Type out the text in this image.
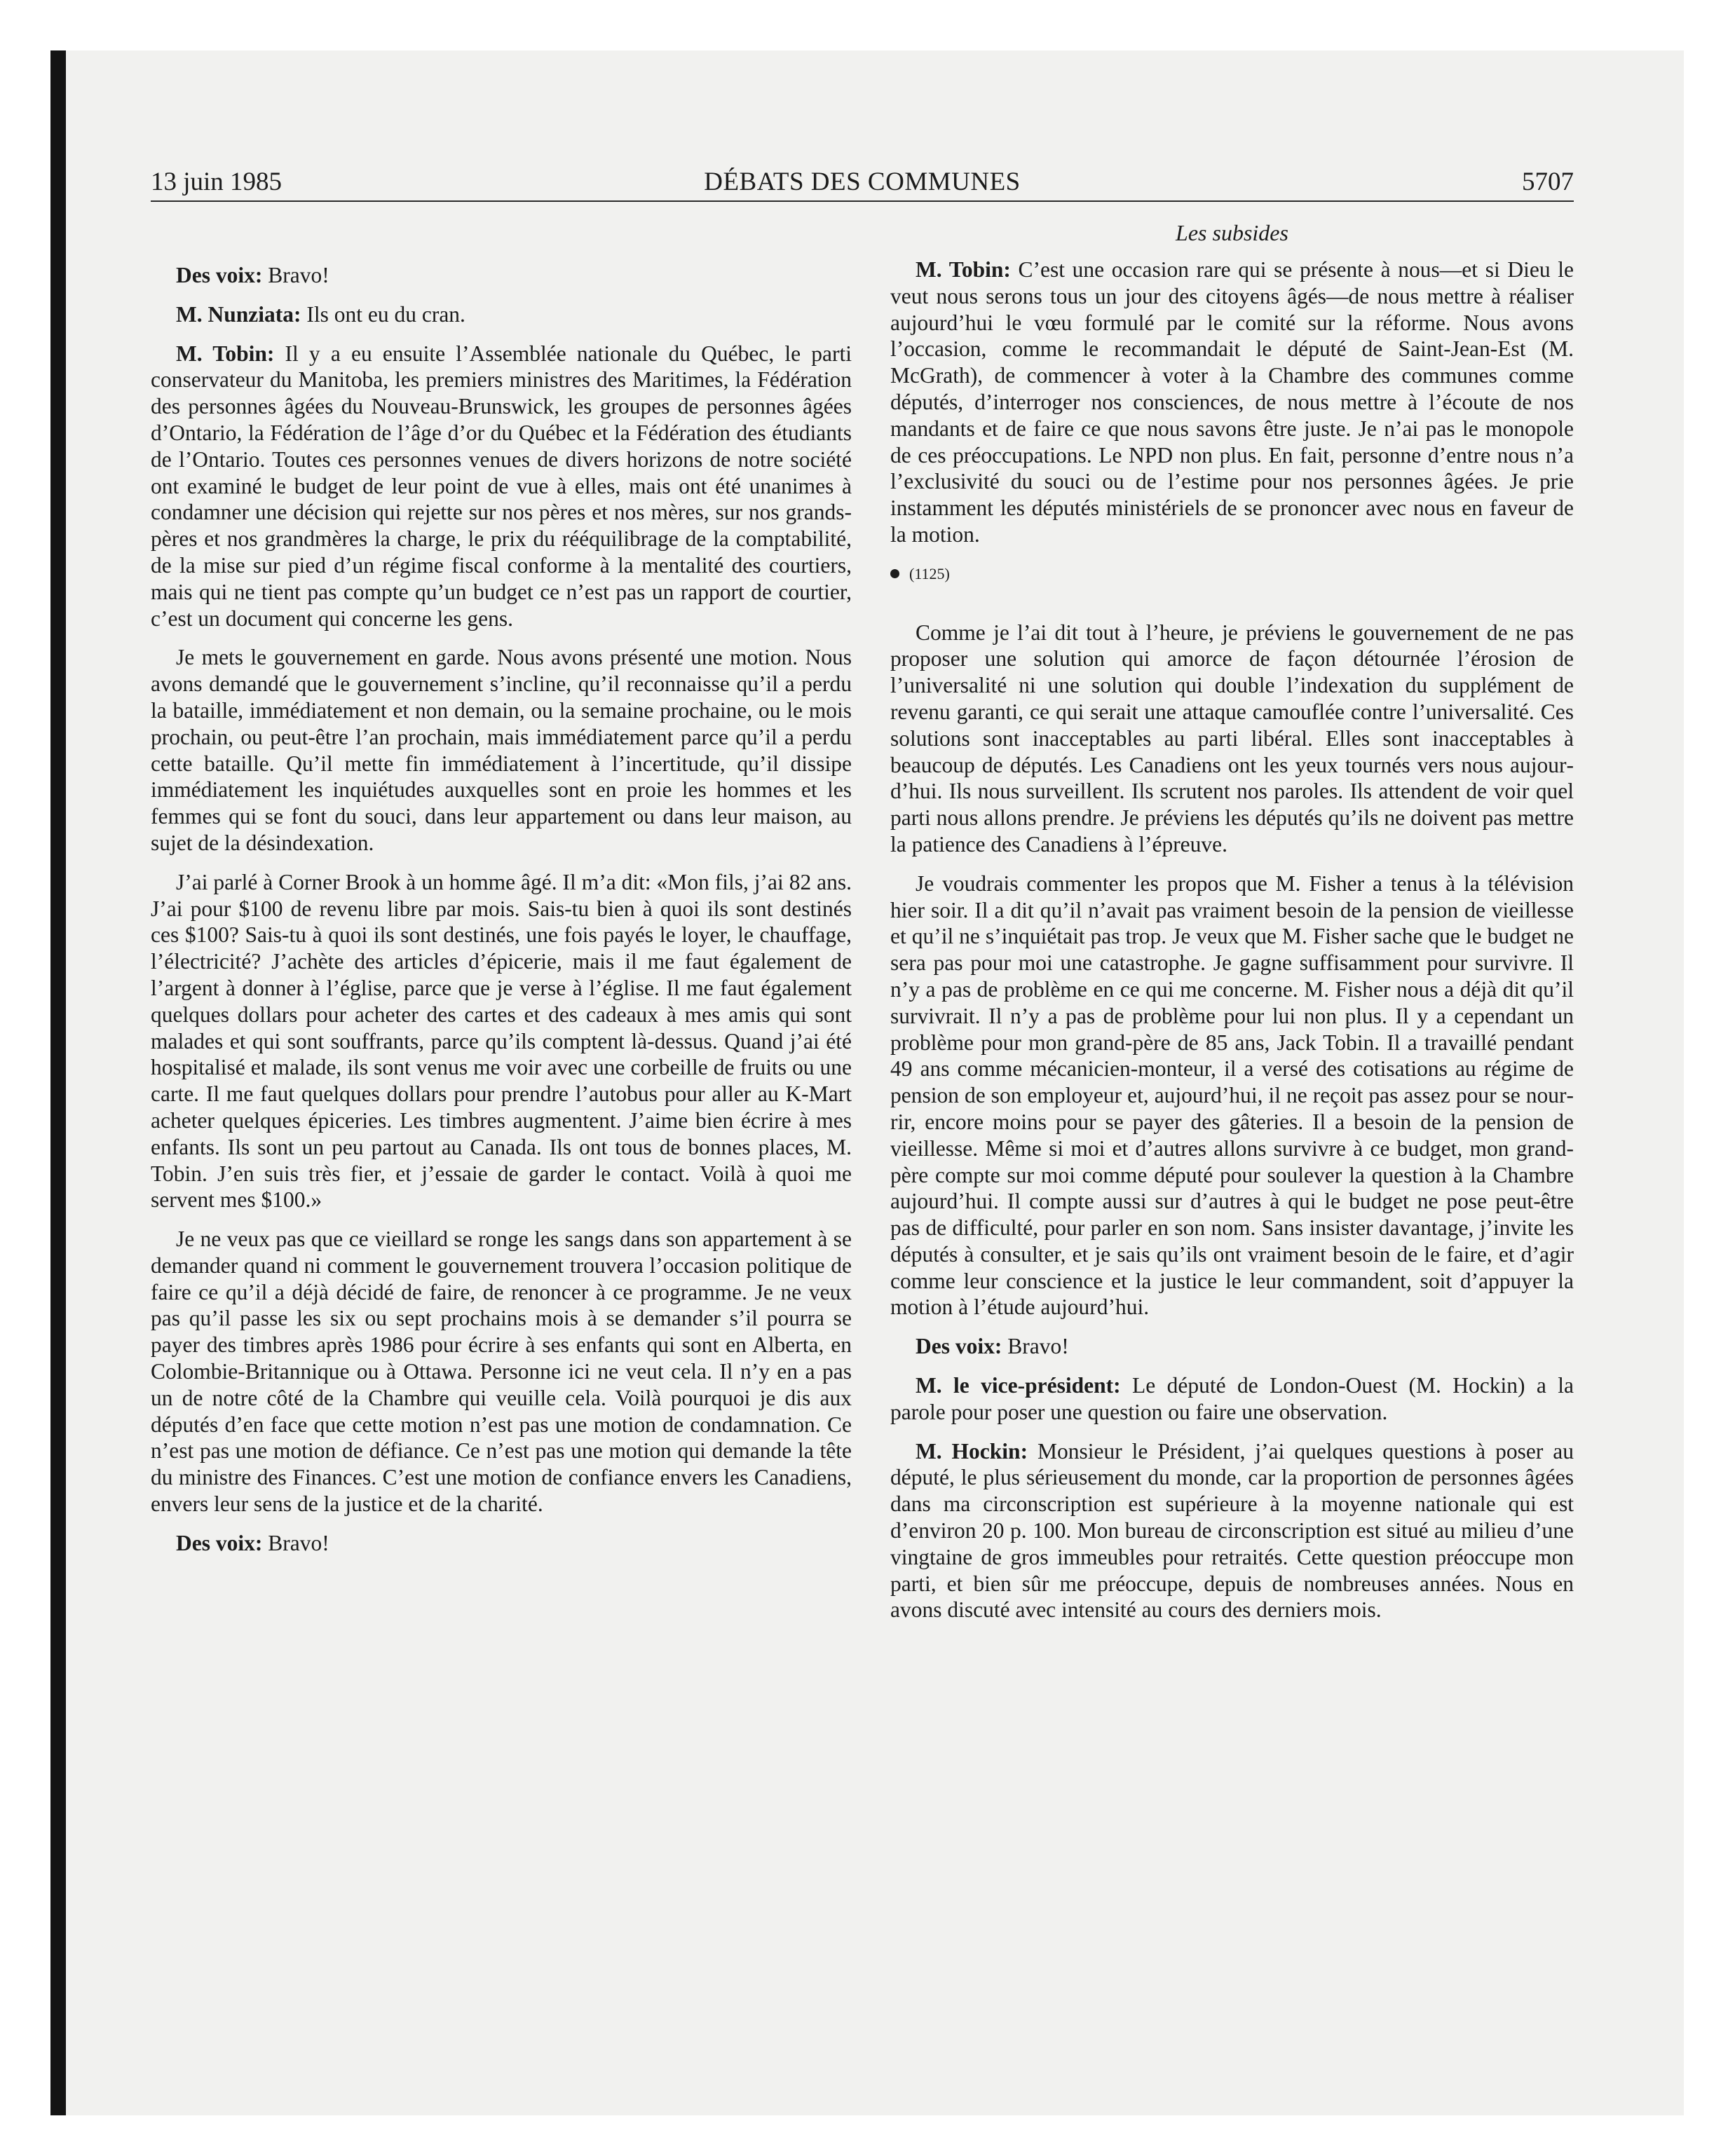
13 juin 1985	DÉBATS DES COMMUNES	5707

Des voix: Bravo!

M. Nunziata: Ils ont eu du cran.

M. Tobin: Il y a eu ensuite l’Assemblée nationale du Québec, le parti conservateur du Manitoba, les premiers ministres des Maritimes, la Fédération des personnes âgées du Nouveau-Brunswick, les groupes de personnes âgées d’Ontario, la Fédération de l’âge d’or du Québec et la Fédération des étudiants de l’Ontario. Toutes ces personnes venues de divers horizons de notre société ont examiné le budget de leur point de vue à elles, mais ont été unanimes à condamner une décision qui rejette sur nos pères et nos mères, sur nos grands-pères et nos grandmères la charge, le prix du rééquilibrage de la comptabilité, de la mise sur pied d’un régime fiscal conforme à la mentalité des courtiers, mais qui ne tient pas compte qu’un budget ce n’est pas un rapport de courtier, c’est un document qui concerne les gens.

Je mets le gouvernement en garde. Nous avons présenté une motion. Nous avons demandé que le gouvernement s’incline, qu’il reconnaisse qu’il a perdu la bataille, immédiatement et non demain, ou la semaine prochaine, ou le mois prochain, ou peut-être l’an prochain, mais immédiatement parce qu’il a perdu cette bataille. Qu’il mette fin immédiatement à l’incertitude, qu’il dissipe immédiatement les inquiétudes auxquelles sont en proie les hommes et les femmes qui se font du souci, dans leur appartement ou dans leur maison, au sujet de la désindexation.

J’ai parlé à Corner Brook à un homme âgé. Il m’a dit: «Mon fils, j’ai 82 ans. J’ai pour $100 de revenu libre par mois. Sais-tu bien à quoi ils sont destinés ces $100? Sais-tu à quoi ils sont destinés, une fois payés le loyer, le chauffage, l’électricité? J’achète des articles d’épicerie, mais il me faut également de l’argent à donner à l’église, parce que je verse à l’église. Il me faut également quelques dollars pour acheter des cartes et des cadeaux à mes amis qui sont malades et qui sont souffrants, parce qu’ils comptent là-dessus. Quand j’ai été hospitalisé et malade, ils sont venus me voir avec une corbeille de fruits ou une carte. Il me faut quelques dollars pour prendre l’autobus pour aller au K-Mart acheter quelques épiceries. Les timbres augmentent. J’aime bien écrire à mes enfants. Ils sont un peu partout au Canada. Ils ont tous de bonnes places, M. Tobin. J’en suis très fier, et j’essaie de garder le contact. Voilà à quoi me servent mes $100.»

Je ne veux pas que ce vieillard se ronge les sangs dans son appartement à se demander quand ni comment le gouvernement trouvera l’occasion politique de faire ce qu’il a déjà décidé de faire, de renoncer à ce programme. Je ne veux pas qu’il passe les six ou sept prochains mois à se demander s’il pourra se payer des timbres après 1986 pour écrire à ses enfants qui sont en Alberta, en Colombie-Britannique ou à Ottawa. Personne ici ne veut cela. Il n’y en a pas un de notre côté de la Chambre qui veuille cela. Voilà pourquoi je dis aux députés d’en face que cette motion n’est pas une motion de condamnation. Ce n’est pas une motion de défiance. Ce n’est pas une motion qui demande la tête du ministre des Finances. C’est une motion de confiance envers les Canadiens, envers leur sens de la justice et de la charité.

Des voix: Bravo!

Les subsides

M. Tobin: C’est une occasion rare qui se présente à nous—et si Dieu le veut nous serons tous un jour des citoyens âgés—de nous mettre à réaliser aujourd’hui le vœu formulé par le comité sur la réforme. Nous avons l’occasion, comme le recommandait le député de Saint-Jean-Est (M. McGrath), de commencer à voter à la Chambre des communes comme députés, d’interroger nos consciences, de nous mettre à l’écoute de nos mandants et de faire ce que nous savons être juste. Je n’ai pas le monopole de ces préoccupations. Le NPD non plus. En fait, personne d’entre nous n’a l’exclusivité du souci ou de l’estime pour nos personnes âgées. Je prie instamment les députés ministériels de se prononcer avec nous en faveur de la motion.

(1125)

Comme je l’ai dit tout à l’heure, je préviens le gouvernement de ne pas proposer une solution qui amorce de façon détournée l’érosion de l’universalité ni une solution qui double l’indexation du supplément de revenu garanti, ce qui serait une attaque camouflée contre l’universalité. Ces solutions sont inacceptables au parti libéral. Elles sont inacceptables à beaucoup de députés. Les Canadiens ont les yeux tournés vers nous aujourd’hui. Ils nous surveillent. Ils scrutent nos paroles. Ils attendent de voir quel parti nous allons prendre. Je préviens les députés qu’ils ne doivent pas mettre la patience des Canadiens à l’épreuve.

Je voudrais commenter les propos que M. Fisher a tenus à la télévision hier soir. Il a dit qu’il n’avait pas vraiment besoin de la pension de vieillesse et qu’il ne s’inquiétait pas trop. Je veux que M. Fisher sache que le budget ne sera pas pour moi une catastrophe. Je gagne suffisamment pour survivre. Il n’y a pas de problème en ce qui me concerne. M. Fisher nous a déjà dit qu’il survivrait. Il n’y a pas de problème pour lui non plus. Il y a cependant un problème pour mon grand-père de 85 ans, Jack Tobin. Il a travaillé pendant 49 ans comme mécanicien-monteur, il a versé des cotisations au régime de pension de son employeur et, aujourd’hui, il ne reçoit pas assez pour se nourrir, encore moins pour se payer des gâteries. Il a besoin de la pension de vieillesse. Même si moi et d’autres allons survivre à ce budget, mon grand-père compte sur moi comme député pour soulever la question à la Chambre aujourd’hui. Il compte aussi sur d’autres à qui le budget ne pose peut-être pas de difficulté, pour parler en son nom. Sans insister davantage, j’invite les députés à consulter, et je sais qu’ils ont vraiment besoin de le faire, et d’agir comme leur conscience et la justice le leur commandent, soit d’appuyer la motion à l’étude aujourd’hui.

Des voix: Bravo!

M. le vice-président: Le député de London-Ouest (M. Hockin) a la parole pour poser une question ou faire une observation.

M. Hockin: Monsieur le Président, j’ai quelques questions à poser au député, le plus sérieusement du monde, car la proportion de personnes âgées dans ma circonscription est supérieure à la moyenne nationale qui est d’environ 20 p. 100. Mon bureau de circonscription est situé au milieu d’une vingtaine de gros immeubles pour retraités. Cette question préoccupe mon parti, et bien sûr me préoccupe, depuis de nombreuses années. Nous en avons discuté avec intensité au cours des derniers mois.
